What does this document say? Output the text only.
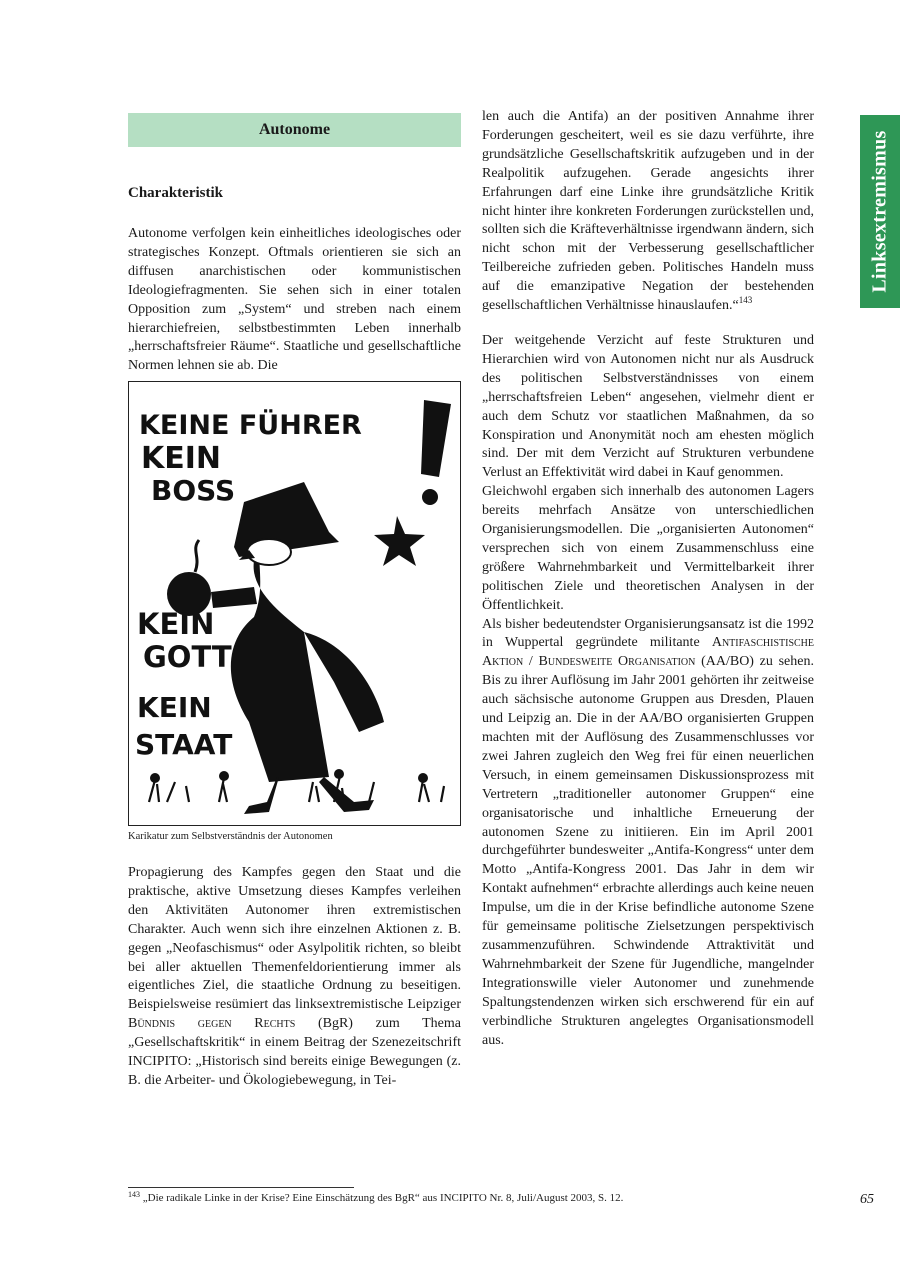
Autonome
Charakteristik

Autonome verfolgen kein einheitliches ideologisches oder strategisches Konzept. Oftmals orientieren sie sich an diffusen anarchistischen oder kommunistischen Ideologiefragmenten. Sie sehen sich in einer totalen Opposition zum „System“ und streben nach einem hierarchiefreien, selbstbestimmten Leben innerhalb „herrschaftsfreier Räume“. Staatliche und gesellschaftliche Normen lehnen sie ab. Die

KEINE FÜHRER
KEIN
BOSS
KEIN
GOTT
KEIN
STAAT
Karikatur zum Selbstverständnis der Autonomen

Propagierung des Kampfes gegen den Staat und die praktische, aktive Umsetzung dieses Kampfes verleihen den Aktivitäten Autonomer ihren extremistischen Charakter. Auch wenn sich ihre einzelnen Aktionen z. B. gegen „Neofaschismus“ oder Asylpolitik richten, so bleibt bei aller aktuellen Themenfeldorientierung immer als eigentliches Ziel, die staatliche Ordnung zu beseitigen. Beispielsweise resümiert das linksextremistische Leipziger Bündnis gegen Rechts (BgR) zum Thema „Gesellschaftskritik“ in einem Beitrag der Szenezeitschrift INCIPITO: „Historisch sind bereits einige Bewegungen (z. B. die Arbeiter- und Ökologiebewegung, in Tei-

len auch die Antifa) an der positiven Annahme ihrer Forderungen gescheitert, weil es sie dazu verführte, ihre grundsätzliche Gesellschaftskritik aufzugeben und in der Realpolitik aufzugehen. Gerade angesichts ihrer Erfahrungen darf eine Linke ihre grundsätzliche Kritik nicht hinter ihre konkreten Forderungen zurückstellen und, sollten sich die Kräfteverhältnisse irgendwann ändern, sich nicht schon mit der Verbesserung gesellschaftlicher Teilbereiche zufrieden geben. Politisches Handeln muss auf die emanzipative Negation der bestehenden gesellschaftlichen Verhältnisse hinauslaufen.“$^{143}$

Der weitgehende Verzicht auf feste Strukturen und Hierarchien wird von Autonomen nicht nur als Ausdruck des politischen Selbstverständnisses von einem „herrschaftsfreien Leben“ angesehen, vielmehr dient er auch dem Schutz vor staatlichen Maßnahmen, da so Konspiration und Anonymität noch am ehesten möglich sind. Der mit dem Verzicht auf Strukturen verbundene Verlust an Effektivität wird dabei in Kauf genommen.

Gleichwohl ergaben sich innerhalb des autonomen Lagers bereits mehrfach Ansätze von unterschiedlichen Organisierungsmodellen. Die „organisierten Autonomen“ versprechen sich von einem Zusammenschluss eine größere Wahrnehmbarkeit und Vermittelbarkeit ihrer politischen Ziele und theoretischen Analysen in der Öffentlichkeit.

Als bisher bedeutendster Organisierungsansatz ist die 1992 in Wuppertal gegründete militante Antifaschistische Aktion / Bundesweite Organisation (AA/BO) zu sehen. Bis zu ihrer Auflösung im Jahr 2001 gehörten ihr zeitweise auch sächsische autonome Gruppen aus Dresden, Plauen und Leipzig an. Die in der AA/BO organisierten Gruppen machten mit der Auflösung des Zusammenschlusses vor zwei Jahren zugleich den Weg frei für einen neuerlichen Versuch, in einem gemeinsamen Diskussionsprozess mit Vertretern „traditioneller autonomer Gruppen“ eine organisatorische und inhaltliche Erneuerung der autonomen Szene zu initiieren. Ein im April 2001 durchgeführter bundesweiter „Antifa-Kongress“ unter dem Motto „Antifa-Kongress 2001. Das Jahr in dem wir Kontakt aufnehmen“ erbrachte allerdings auch keine neuen Impulse, um die in der Krise befindliche autonome Szene für gemeinsame politische Zielsetzungen perspektivisch zusammenzuführen. Schwindende Attraktivität und Wahrnehmbarkeit der Szene für Jugendliche, mangelnder Integrationswille vieler Autonomer und zunehmende Spaltungstendenzen wirken sich erschwerend für ein auf verbindliche Strukturen angelegtes Organisationsmodell aus.

Linksextremismus
$^{143}$ „Die radikale Linke in der Krise? Eine Einschätzung des BgR“ aus INCIPITO Nr. 8, Juli/August 2003, S. 12.	65
